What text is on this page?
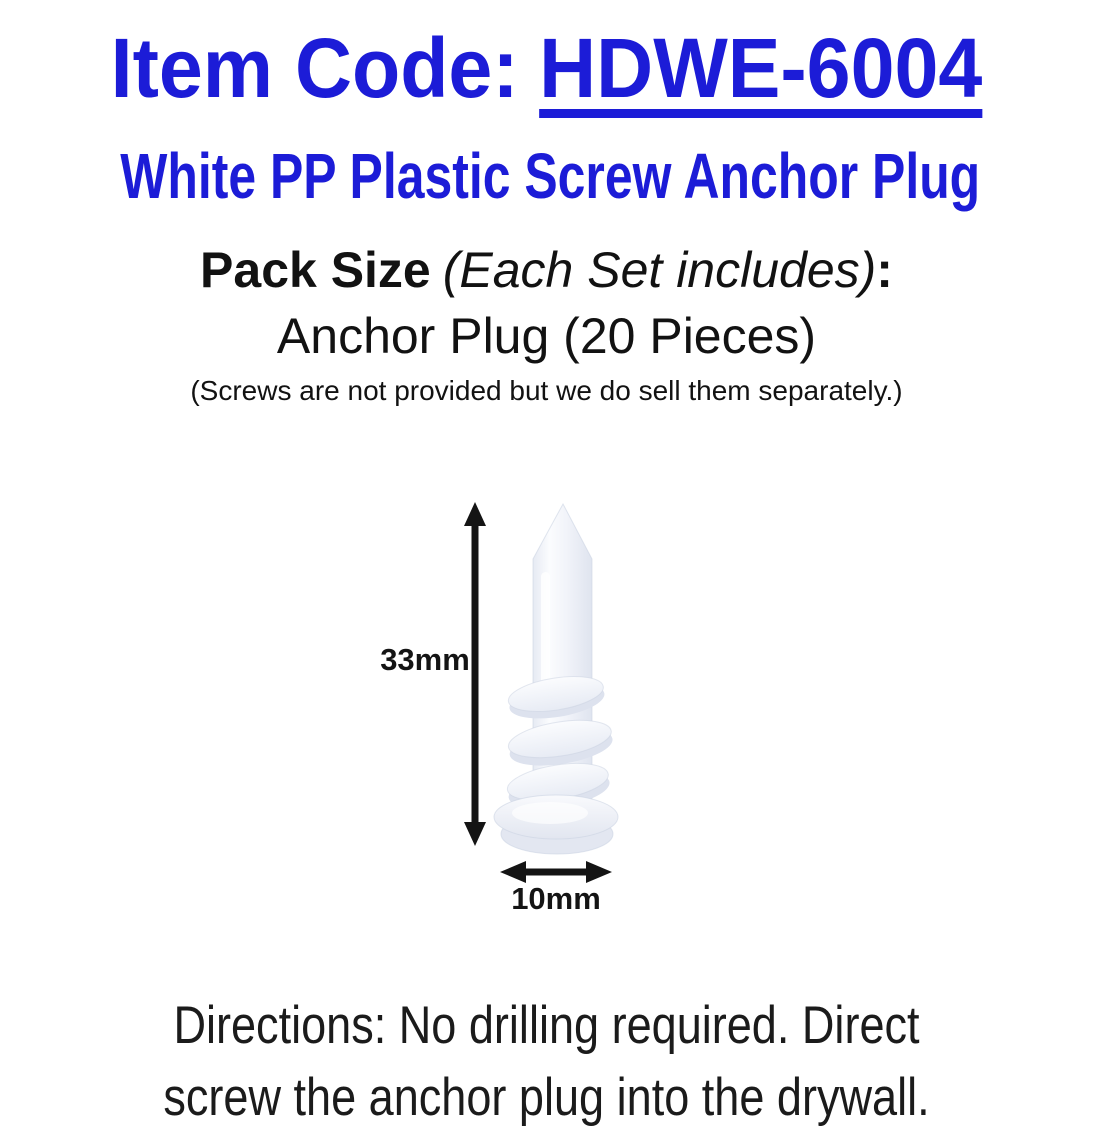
Item Code: HDWE-6004
White PP Plastic Screw Anchor Plug

Pack Size (Each Set includes):

Anchor Plug (20 Pieces)

(Screws are not provided but we do sell them separately.)

33mm
10mm

Directions: No drilling required. Direct
screw the anchor plug into the drywall.
